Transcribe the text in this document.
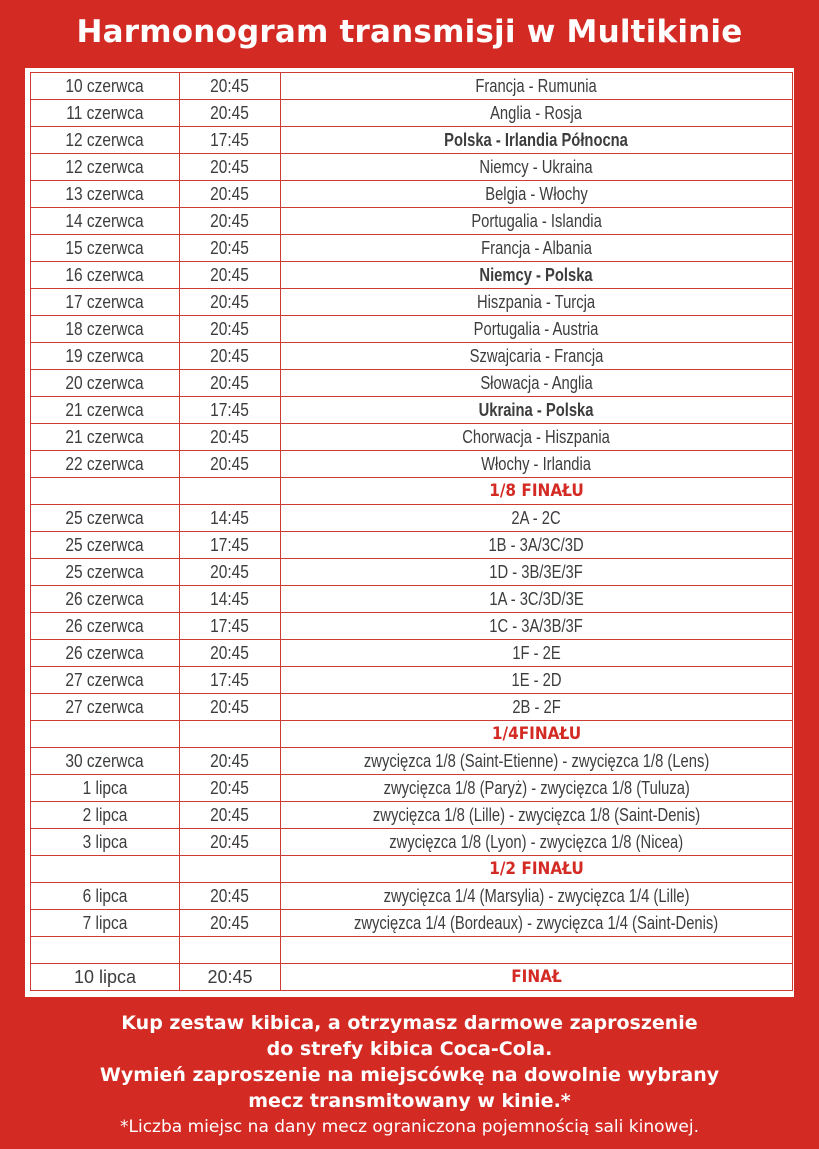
Harmonogram transmisji w Multikinie
10 czerwca	20:45	Francja - Rumunia
11 czerwca	20:45	Anglia - Rosja
12 czerwca	17:45	Polska - Irlandia Północna
12 czerwca	20:45	Niemcy - Ukraina
13 czerwca	20:45	Belgia - Włochy
14 czerwca	20:45	Portugalia - Islandia
15 czerwca	20:45	Francja - Albania
16 czerwca	20:45	Niemcy - Polska
17 czerwca	20:45	Hiszpania - Turcja
18 czerwca	20:45	Portugalia - Austria
19 czerwca	20:45	Szwajcaria - Francja
20 czerwca	20:45	Słowacja - Anglia
21 czerwca	17:45	Ukraina - Polska
21 czerwca	20:45	Chorwacja - Hiszpania
22 czerwca	20:45	Włochy - Irlandia
		1/8 FINAŁU
25 czerwca	14:45	2A - 2C
25 czerwca	17:45	1B - 3A/3C/3D
25 czerwca	20:45	1D - 3B/3E/3F
26 czerwca	14:45	1A - 3C/3D/3E
26 czerwca	17:45	1C - 3A/3B/3F
26 czerwca	20:45	1F - 2E
27 czerwca	17:45	1E - 2D
27 czerwca	20:45	2B - 2F
		1/4FINAŁU
30 czerwca	20:45	zwycięzca 1/8 (Saint-Etienne) - zwycięzca 1/8 (Lens)
1 lipca	20:45	zwycięzca 1/8 (Paryż) - zwycięzca 1/8 (Tuluza)
2 lipca	20:45	zwycięzca 1/8 (Lille) - zwycięzca 1/8 (Saint-Denis)
3 lipca	20:45	zwycięzca 1/8 (Lyon) - zwycięzca 1/8 (Nicea)
		1/2 FINAŁU
6 lipca	20:45	zwycięzca 1/4 (Marsylia) - zwycięzca 1/4 (Lille)
7 lipca	20:45	zwycięzca 1/4 (Bordeaux) - zwycięzca 1/4 (Saint-Denis)

10 lipca	20:45	FINAŁ
Kup zestaw kibica, a otrzymasz darmowe zaproszenie
do strefy kibica Coca-Cola.
Wymień zaproszenie na miejscówkę na dowolnie wybrany
mecz transmitowany w kinie.*
*Liczba miejsc na dany mecz ograniczona pojemnością sali kinowej.
